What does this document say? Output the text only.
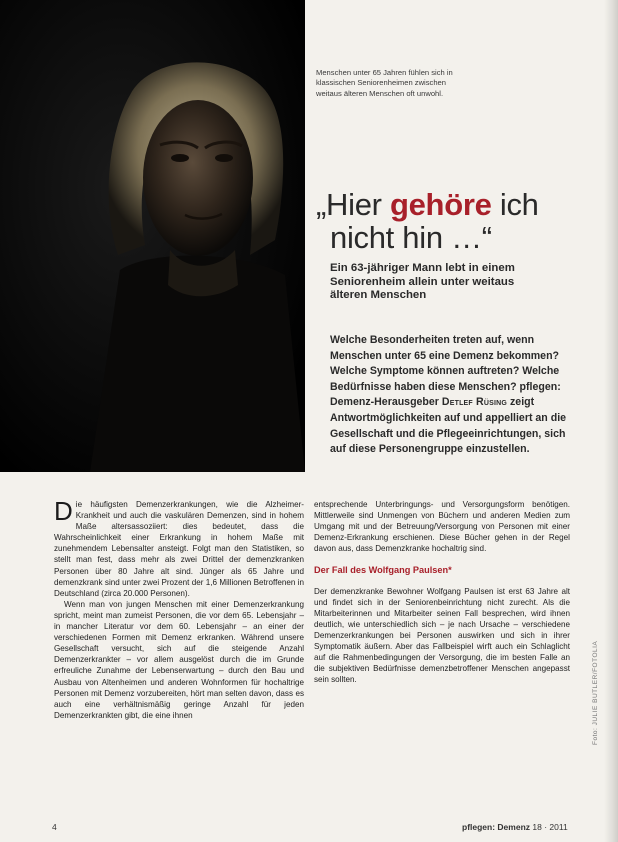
Menschen unter 65 Jahren fühlen sich in klassischen Seniorenheimen zwischen weitaus älteren Menschen oft unwohl.
„Hier gehöre ich
nicht hin …“
Ein 63-jähriger Mann lebt in einem Seniorenheim allein unter weitaus älteren Menschen
Welche Besonderheiten treten auf, wenn Menschen unter 65 eine Demenz bekommen? Welche Symptome können auftreten? Welche Bedürfnisse haben diese Menschen? pflegen: Demenz-Herausgeber Detlef Rüsing zeigt Antwortmöglichkeiten auf und appelliert an die Gesellschaft und die Pflegeeinrichtungen, sich auf diese Personengruppe einzustellen.

Die häufigsten Demenzerkrankungen, wie die Alzheimer-Krankheit und auch die vaskulären Demenzen, sind in hohem Maße altersassoziiert: dies bedeutet, dass die Wahrscheinlichkeit einer Erkrankung in hohem Maße mit zunehmendem Lebensalter ansteigt. Folgt man den Statistiken, so stellt man fest, dass mehr als zwei Drittel der demenzkranken Personen über 80 Jahre alt sind. Jünger als 65 Jahre und demenzkrank sind unter zwei Prozent der 1,6 Millionen Betroffenen in Deutschland (zirca 20.000 Personen).

Wenn man von jungen Menschen mit einer Demenzerkrankung spricht, meint man zumeist Personen, die vor dem 65. Lebensjahr – in mancher Literatur vor dem 60. Lebensjahr – an einer der verschiedenen Formen mit Demenz erkranken. Während unsere Gesellschaft versucht, sich auf die steigende Anzahl Demenzerkrankter – vor allem ausgelöst durch die im Grunde erfreuliche Zunahme der Lebenserwartung – durch den Bau und Ausbau von Altenheimen und anderen Wohnformen für hochaltrige Personen mit Demenz vorzubereiten, hört man selten davon, dass es auch eine verhältnismäßig geringe Anzahl für jeden Demenzerkrankten gibt, die eine ihnen

entsprechende Unterbringungs- und Versorgungsform benötigen. Mittlerweile sind Unmengen von Büchern und anderen Medien zum Umgang mit und der Betreuung/Versorgung von Personen mit einer Demenz-Erkrankung erschienen. Diese Bücher gehen in der Regel davon aus, dass Demenzkranke hochaltrig sind.

Der Fall des Wolfgang Paulsen*

Der demenzkranke Bewohner Wolfgang Paulsen ist erst 63 Jahre alt und findet sich in der Seniorenbeinrichtung nicht zurecht. Als die Mitarbeiterinnen und Mitarbeiter seinen Fall besprechen, wird ihnen deutlich, wie unterschiedlich sich – je nach Ursache – verschiedene Demenzerkrankungen bei Personen auswirken und sich in ihrer Symptomatik äußern. Aber das Fallbeispiel wirft auch ein Schlaglicht auf die Rahmenbedingungen der Versorgung, die im besten Falle an die subjektiven Bedürfnisse demenzbetroffener Menschen angepasst sein sollten.	Foto: JULIE BUTLER/FOTOLIA
4	pflegen: Demenz 18 · 2011
